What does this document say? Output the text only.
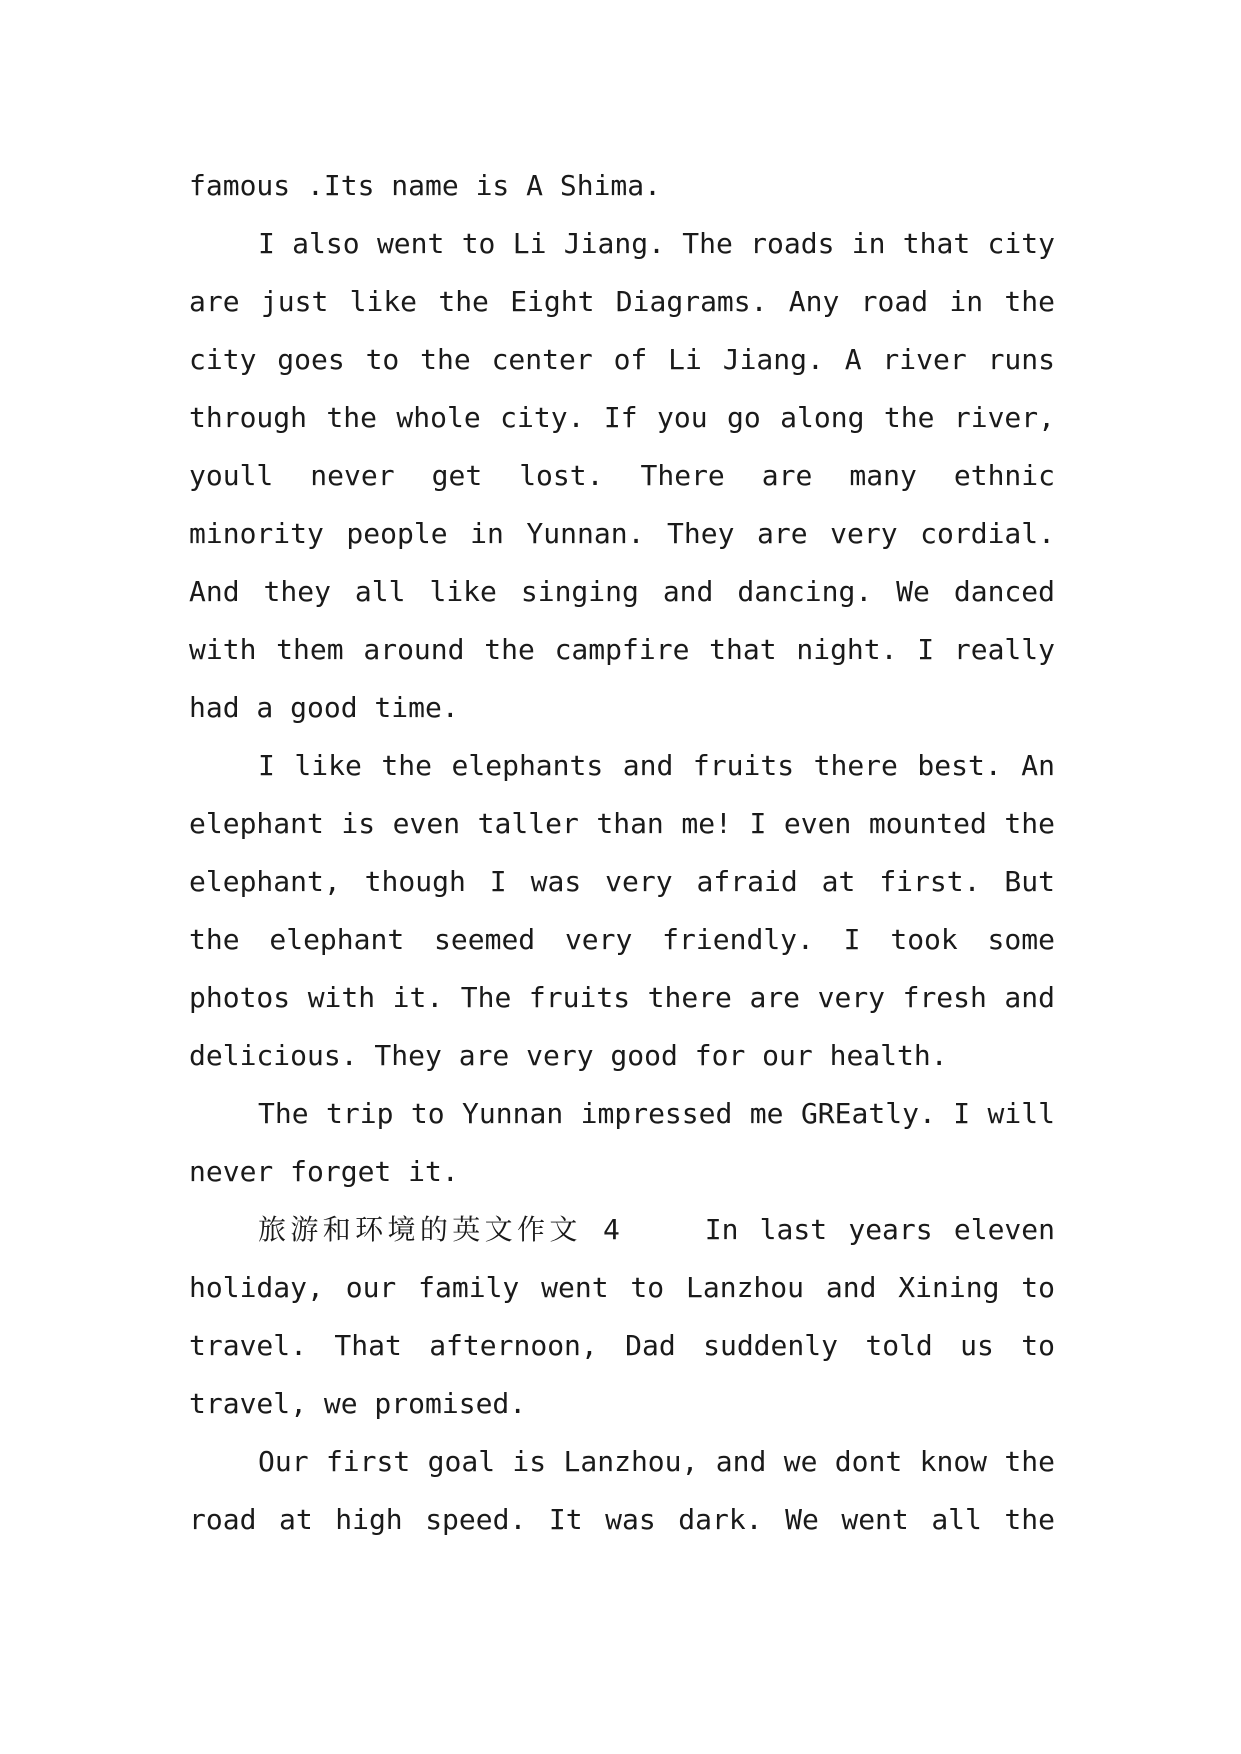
famous .Its name is A Shima.
I also went to Li Jiang. The roads in that city
are just like the Eight Diagrams. Any road in the
city goes to the center of Li Jiang. A river runs
through the whole city. If you go along the river,
youll never get lost. There are many ethnic
minority people in Yunnan. They are very cordial.
And they all like singing and dancing. We danced
with them around the campfire that night. I really
had a good time.
I like the elephants and fruits there best. An
elephant is even taller than me! I even mounted the
elephant, though I was very afraid at first. But
the elephant seemed very friendly. I took some
photos with it. The fruits there are very fresh and
delicious. They are very good for our health.
The trip to Yunnan impressed me GREatly. I will
never forget it.
旅游和环境的英文作文 4    In last years eleven
holiday, our family went to Lanzhou and Xining to
travel. That afternoon, Dad suddenly told us to
travel, we promised.
Our first goal is Lanzhou, and we dont know the
road at high speed. It was dark. We went all the
